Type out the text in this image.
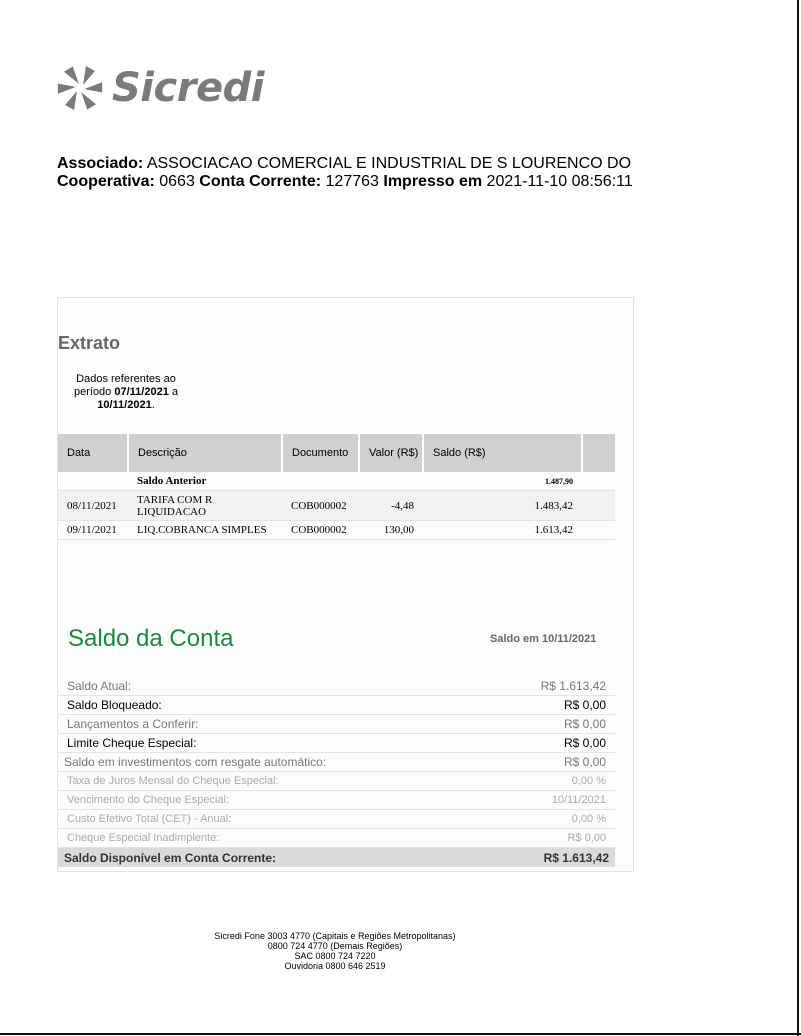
Sicredi
Associado: ASSOCIACAO COMERCIAL E INDUSTRIAL DE S LOURENCO DO
Cooperativa: 0663 Conta Corrente: 127763 Impresso em 2021-11-10 08:56:11
Extrato
Dados referentes ao
período 07/11/2021 a
10/11/2021.
Data	Descrição	Documento	Valor (R$)	Saldo (R$)	
	Saldo Anterior			1.487,90	
08/11/2021	TARIFA COM R LIQUIDACAO	COB000002	-4,48	1.483,42	
09/11/2021	LIQ.COBRANCA SIMPLES	COB000002	130,00	1.613,42	
Saldo da Conta	Saldo em 10/11/2021
Saldo Atual:	R$ 1.613,42
Saldo Bloqueado:	R$ 0,00
Lançamentos a Conferir:	R$ 0,00
Limite Cheque Especial:	R$ 0,00
Saldo em investimentos com resgate automático:	R$ 0,00
Taxa de Juros Mensal do Cheque Especial:	0,00 %
Vencimento do Cheque Especial:	10/11/2021
Custo Efetivo Total (CET) - Anual:	0,00 %
Cheque Especial Inadimplente:	R$ 0,00
Saldo Disponível em Conta Corrente:	R$ 1.613,42
Sicredi Fone 3003 4770 (Capitais e Regiões Metropolitanas)
0800 724 4770 (Demais Regiões)
SAC 0800 724 7220
Ouvidoria 0800 646 2519
